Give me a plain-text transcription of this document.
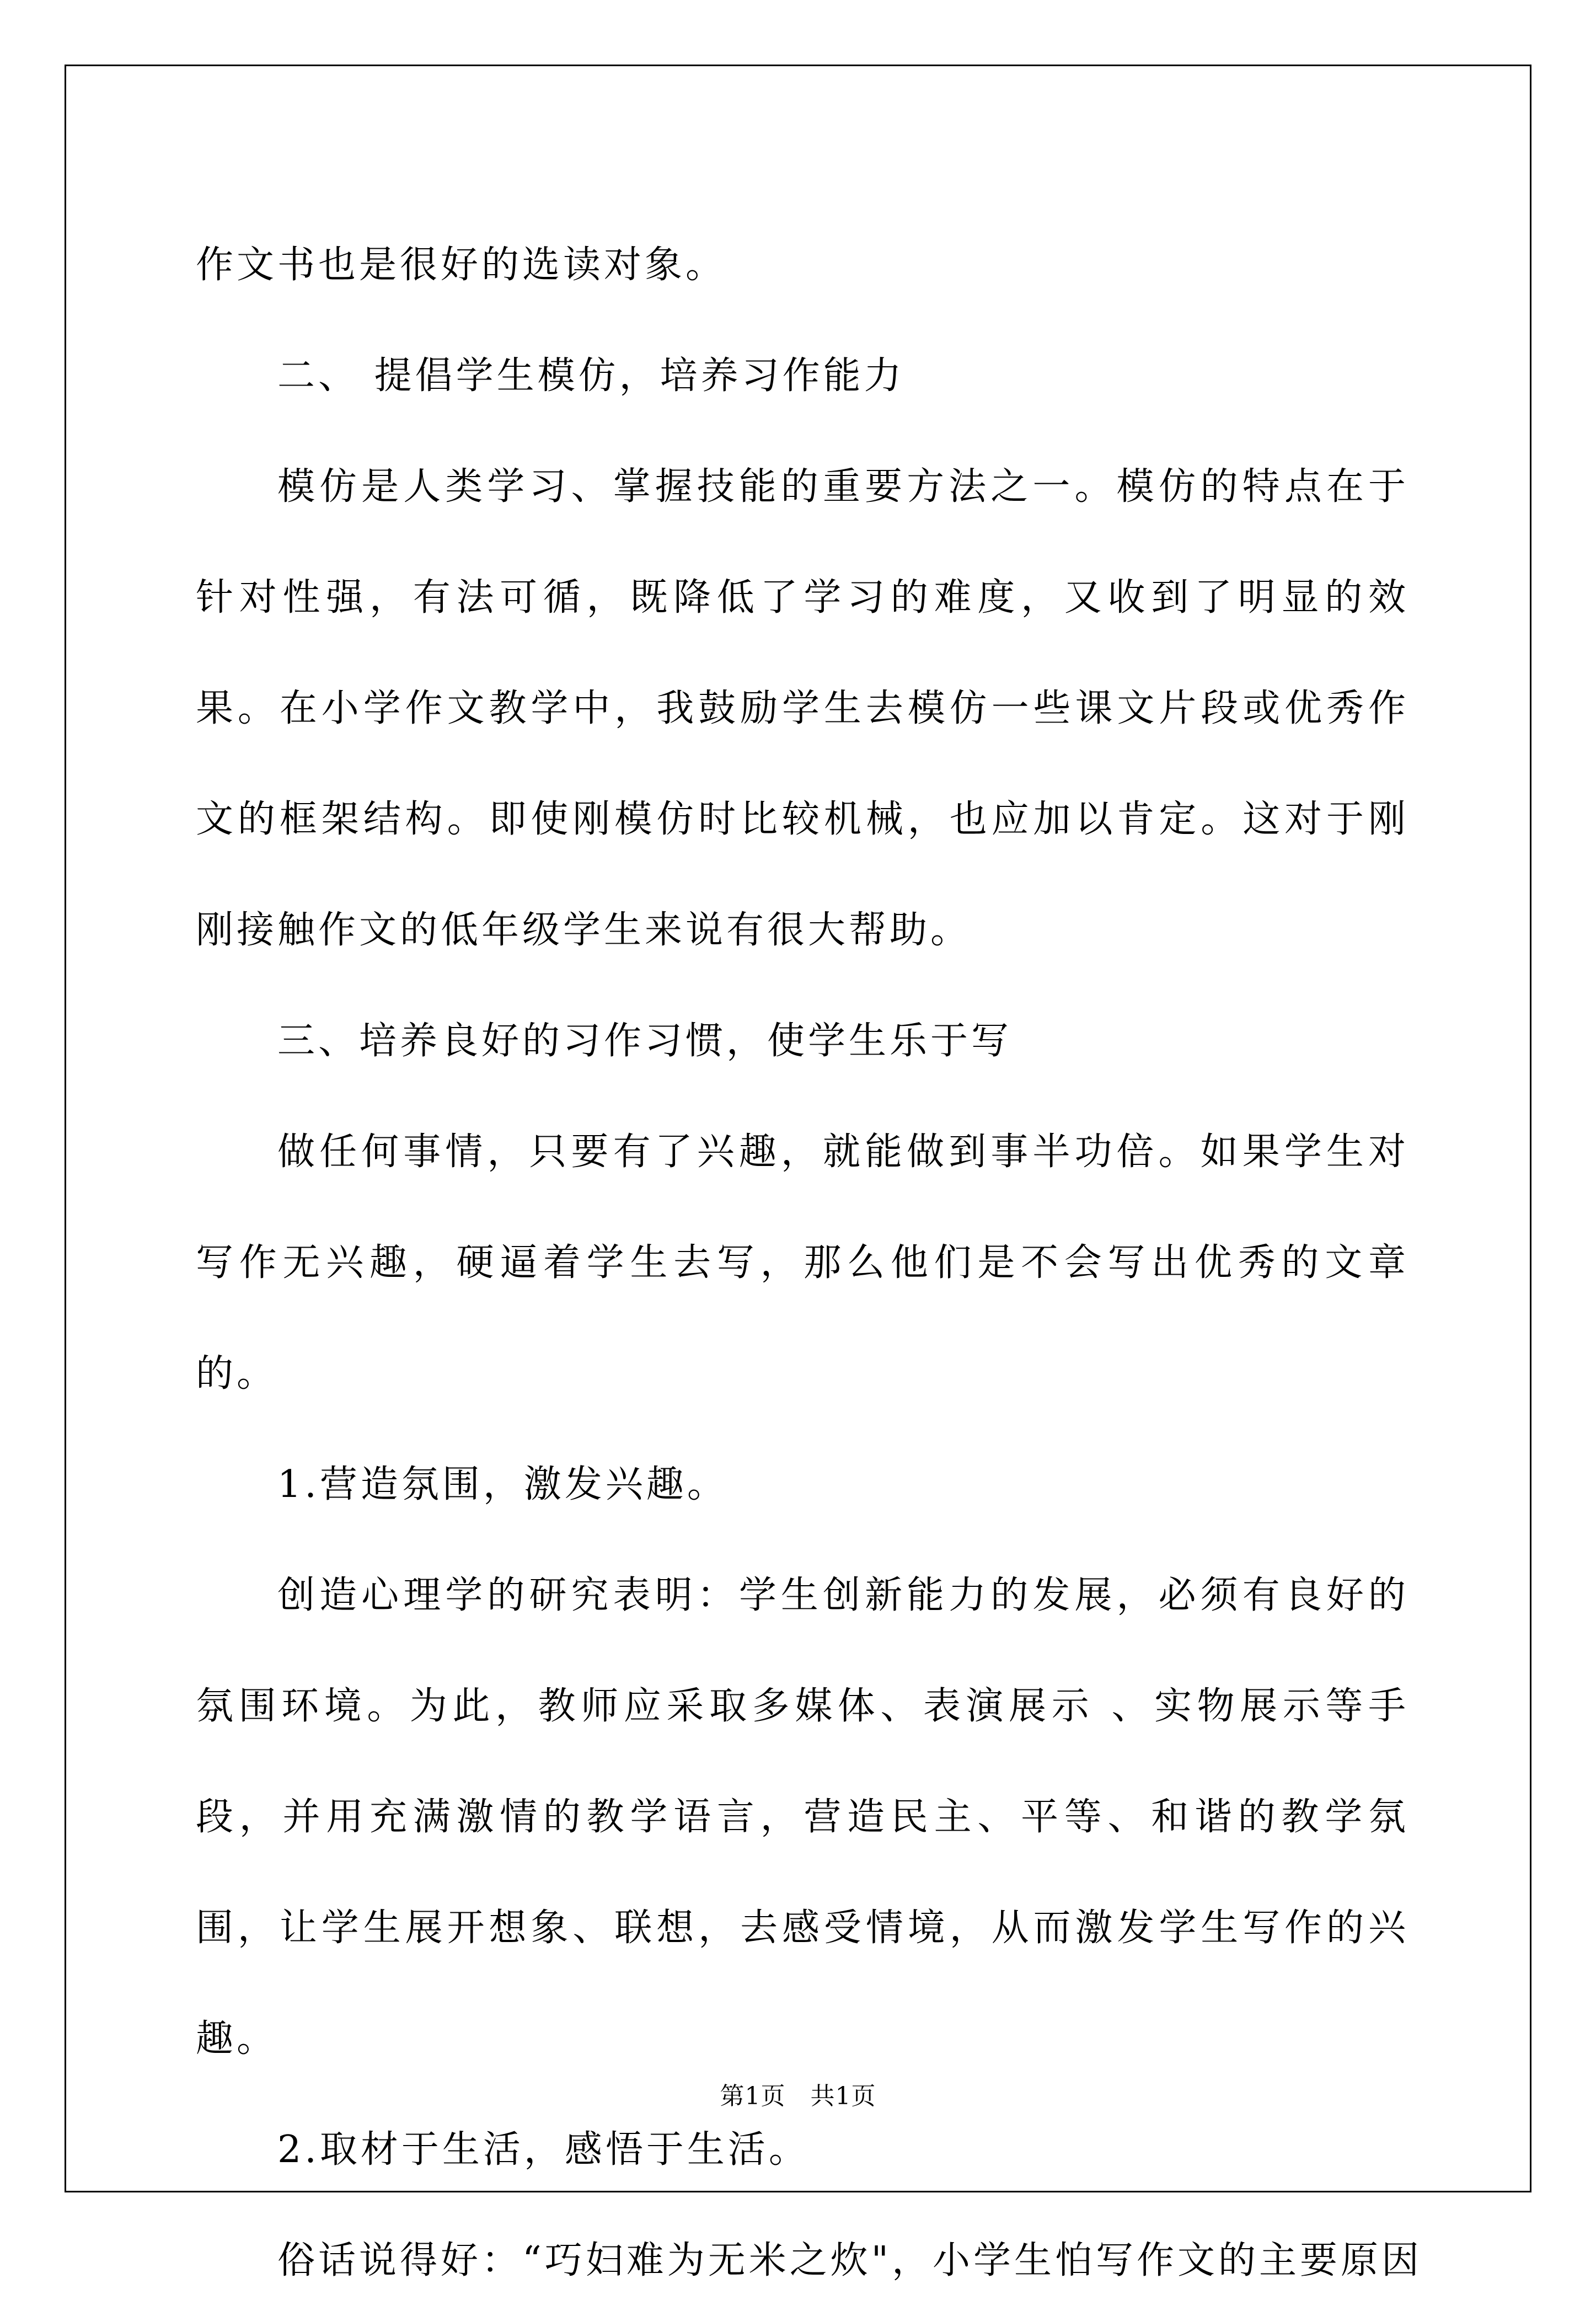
作文书也是很好的选读对象。

二、 提倡学生模仿，培养习作能力

模仿是人类学习、掌握技能的重要方法之一。模仿的特点在于针对性强，有法可循，既降低了学习的难度，又收到了明显的效果。在小学作文教学中，我鼓励学生去模仿一些课文片段或优秀作文的框架结构。即使刚模仿时比较机械，也应加以肯定。这对于刚刚接触作文的低年级学生来说有很大帮助。

三、培养良好的习作习惯，使学生乐于写

做任何事情，只要有了兴趣，就能做到事半功倍。如果学生对写作无兴趣，硬逼着学生去写，那么他们是不会写出优秀的文章的。

1.营造氛围，激发兴趣。

创造心理学的研究表明：学生创新能力的发展，必须有良好的氛围环境。为此，教师应采取多媒体、表演展示 、实物展示等手段，并用充满激情的教学语言，营造民主、平等、和谐的教学氛围，让学生展开想象、联想，去感受情境，从而激发学生写作的兴趣。

2.取材于生活，感悟于生活。

俗话说得好：“巧妇难为无米之炊"，小学生怕写作文的主要原因

第1页　共1页
